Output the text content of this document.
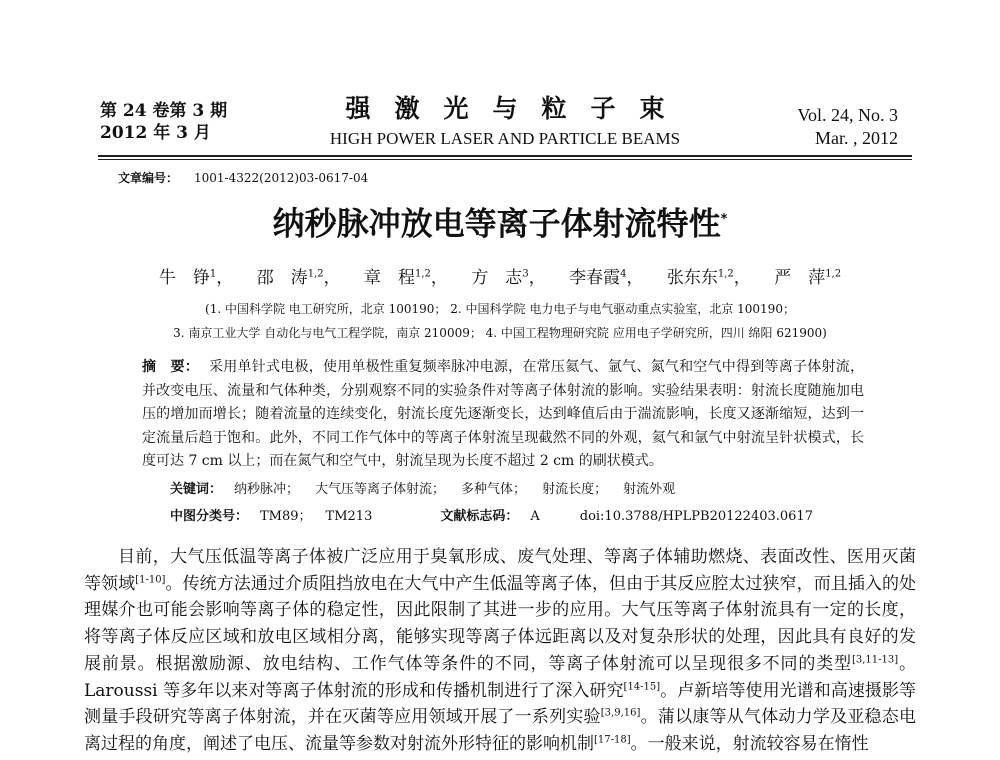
第 24 卷第 3 期
2012 年 3 月
强激光与粒子束
HIGH POWER LASER AND PARTICLE BEAMS
Vol. 24, No. 3
Mar. , 2012
文章编号： 1001-4322(2012)03-0617-04
纳秒脉冲放电等离子体射流特性*
牛　铮$^1$， 邵　涛$^{1,2}$， 章　程$^{1,2}$， 方　志$^3$， 李春霞$^4$， 张东东$^{1,2}$， 严　萍$^{1,2}$
(1. 中国科学院 电工研究所，北京 100190； 2. 中国科学院 电力电子与电气驱动重点实验室，北京 100190；
3. 南京工业大学 自动化与电气工程学院，南京 210009； 4. 中国工程物理研究院 应用电子学研究所，四川 绵阳 621900)
摘　要： 采用单针式电极，使用单极性重复频率脉冲电源，在常压氦气、氩气、氮气和空气中得到等离子体射流，并改变电压、流量和气体种类，分别观察不同的实验条件对等离子体射流的影响。实验结果表明：射流长度随施加电压的增加而增长；随着流量的连续变化，射流长度先逐渐变长，达到峰值后由于湍流影响，长度又逐渐缩短，达到一定流量后趋于饱和。此外，不同工作气体中的等离子体射流呈现截然不同的外观，氦气和氩气中射流呈针状模式，长度可达 7 cm 以上；而在氮气和空气中，射流呈现为长度不超过 2 cm 的刷状模式。
关键词： 纳秒脉冲； 大气压等离子体射流； 多种气体； 射流长度； 射流外观
中图分类号： TM89； TM213	文献标志码： A	doi:10.3788/HPLPB20122403.0617

目前，大气压低温等离子体被广泛应用于臭氧形成、废气处理、等离子体辅助燃烧、表面改性、医用灭菌等领域[1-10]。传统方法通过介质阻挡放电在大气中产生低温等离子体，但由于其反应腔太过狭窄，而且插入的处理媒介也可能会影响等离子体的稳定性，因此限制了其进一步的应用。大气压等离子体射流具有一定的长度，将等离子体反应区域和放电区域相分离，能够实现等离子体远距离以及对复杂形状的处理，因此具有良好的发展前景。根据激励源、放电结构、工作气体等条件的不同，等离子体射流可以呈现很多不同的类型[3,11-13]。Laroussi 等多年以来对等离子体射流的形成和传播机制进行了深入研究[14-15]。卢新培等使用光谱和高速摄影等测量手段研究等离子体射流，并在灭菌等应用领域开展了一系列实验[3,9,16]。蒲以康等从气体动力学及亚稳态电离过程的角度，阐述了电压、流量等参数对射流外形特征的影响机制[17-18]。一般来说，射流较容易在惰性
